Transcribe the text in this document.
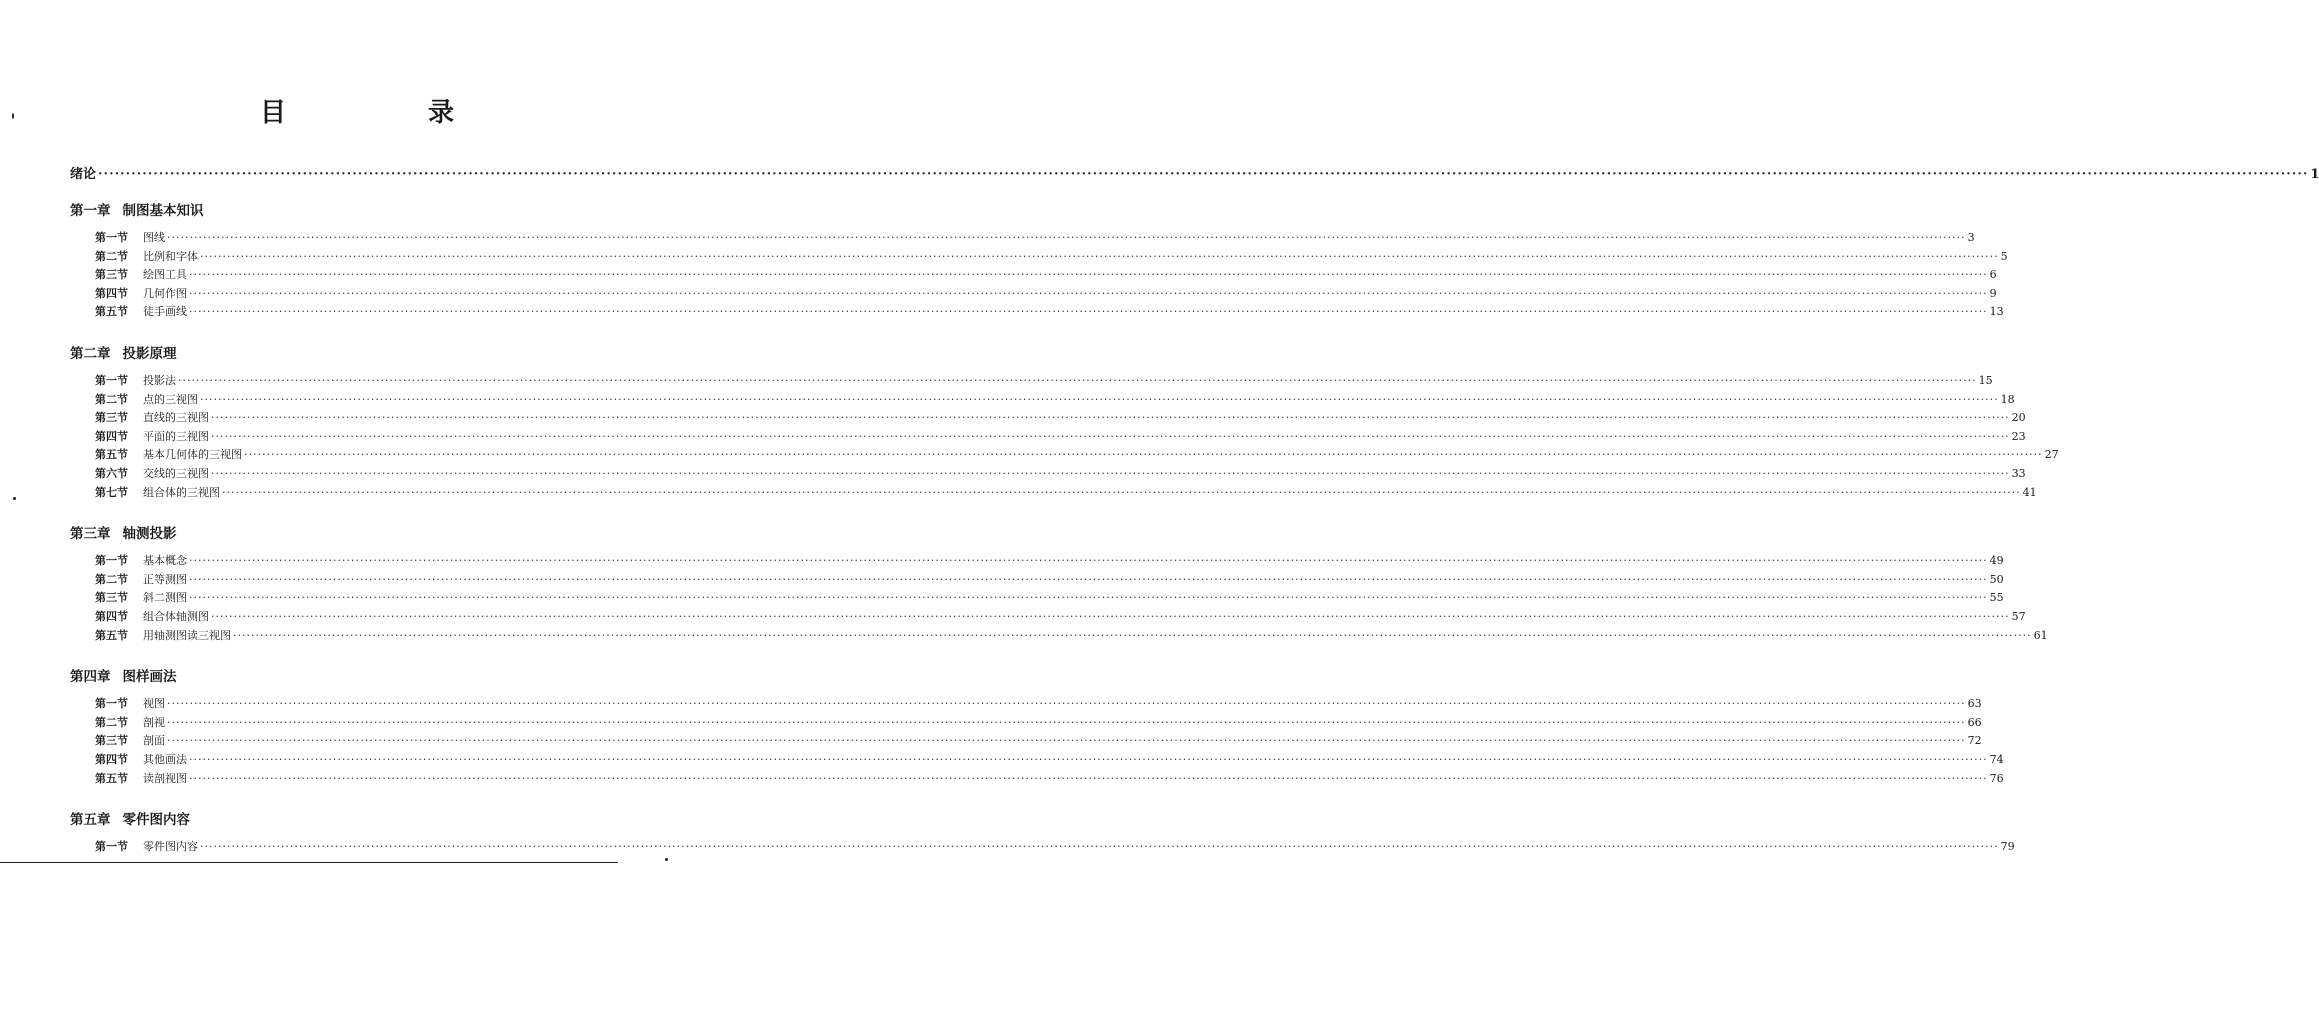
目　录
绪论 ················································································································································································································································································································································································································ 1
第一章 制图基本知识
第一节 图线 ················································································································································································································································································································································································································ 3
第二节 比例和字体 ················································································································································································································································································································································································································ 5
第三节 绘图工具 ················································································································································································································································································································································································································ 6
第四节 几何作图 ················································································································································································································································································································································································································ 9
第五节 徒手画线 ················································································································································································································································································································································································································ 13
第二章 投影原理
第一节 投影法 ················································································································································································································································································································································································································ 15
第二节 点的三视图 ················································································································································································································································································································································································································ 18
第三节 直线的三视图 ················································································································································································································································································································································································································ 20
第四节 平面的三视图 ················································································································································································································································································································································································································ 23
第五节 基本几何体的三视图 ················································································································································································································································································································································································································ 27
第六节 交线的三视图 ················································································································································································································································································································································································································ 33
第七节 组合体的三视图 ················································································································································································································································································································································································································ 41
第三章 轴测投影
第一节 基本概念 ················································································································································································································································································································································································································ 49
第二节 正等测图 ················································································································································································································································································································································································································ 50
第三节 斜二测图 ················································································································································································································································································································································································································ 55
第四节 组合体轴测图 ················································································································································································································································································································································································································ 57
第五节 用轴测图读三视图 ················································································································································································································································································································································································································ 61
第四章 图样画法
第一节 视图 ················································································································································································································································································································································································································ 63
第二节 剖视 ················································································································································································································································································································································································································ 66
第三节 剖面 ················································································································································································································································································································································································································ 72
第四节 其他画法 ················································································································································································································································································································································································································ 74
第五节 读剖视图 ················································································································································································································································································································································································································ 76
第五章 零件图内容
第一节 零件图内容 ················································································································································································································································································································································································································ 79
